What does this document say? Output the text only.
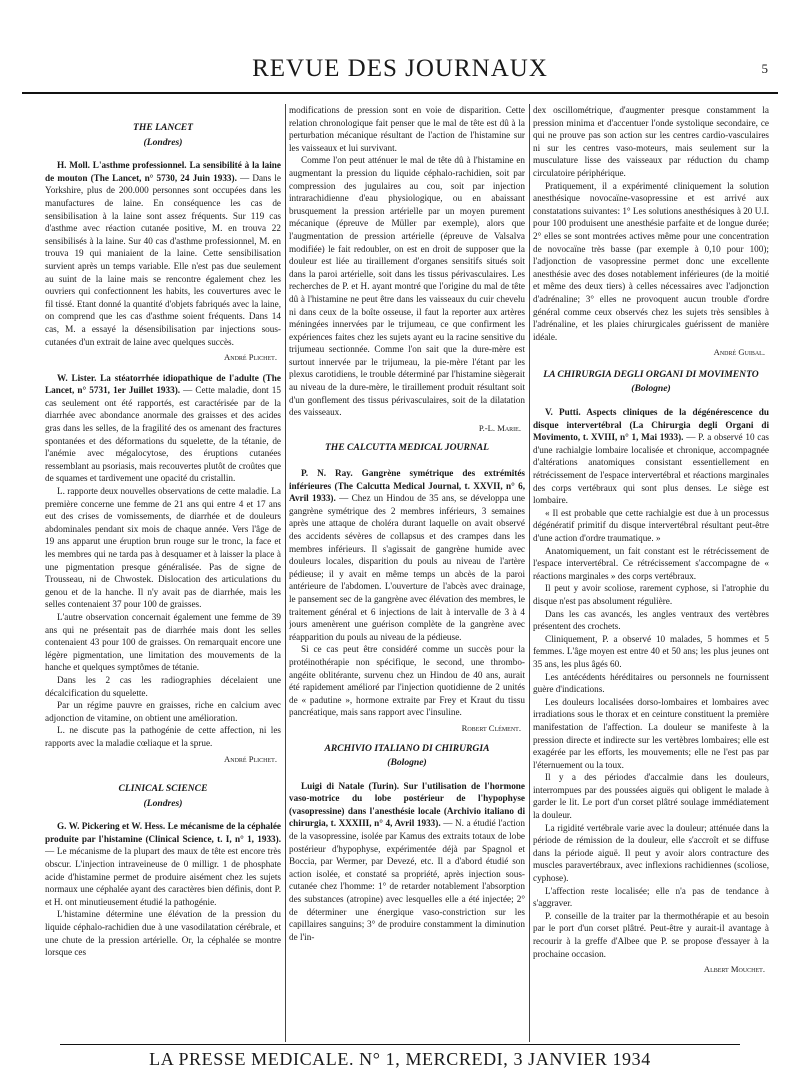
REVUE DES JOURNAUX	5
THE LANCET
(Londres)

H. Moll. L'asthme professionnel. La sensibilité à la laine de mouton (The Lancet, n° 5730, 24 Juin 1933). — Dans le Yorkshire, plus de 200.000 personnes sont occupées dans les manufactures de laine. En conséquence les cas de sensibilisation à la laine sont assez fréquents. Sur 119 cas d'asthme avec réaction cutanée positive, M. en trouva 22 sensibilisés à la laine. Sur 40 cas d'asthme professionnel, M. en trouva 19 qui maniaient de la laine. Cette sensibilisation survient après un temps variable. Elle n'est pas due seulement au suint de la laine mais se rencontre également chez les ouvriers qui confectionnent les habits, les couvertures avec le fil tissé. Etant donné la quantité d'objets fabriqués avec la laine, on comprend que les cas d'asthme soient fréquents. Dans 14 cas, M. a essayé la désensibilisation par injections sous-cutanées d'un extrait de laine avec quelques succès.

André Plichet.

W. Lister. La stéatorrhée idiopathique de l'adulte (The Lancet, n° 5731, 1er Juillet 1933). — Cette maladie, dont 15 cas seulement ont été rapportés, est caractérisée par de la diarrhée avec abondance anormale des graisses et des acides gras dans les selles, de la fragilité des os amenant des fractures spontanées et des déformations du squelette, de la tétanie, de l'anémie avec mégalocytose, des éruptions cutanées ressemblant au psoriasis, mais recouvertes plutôt de croûtes que de squames et tardivement une opacité du cristallin.

L. rapporte deux nouvelles observations de cette maladie. La première concerne une femme de 21 ans qui entre 4 et 17 ans eut des crises de vomissements, de diarrhée et de douleurs abdominales pendant six mois de chaque année. Vers l'âge de 19 ans apparut une éruption brun rouge sur le tronc, la face et les membres qui ne tarda pas à desquamer et à laisser la place à une pigmentation presque généralisée. Pas de signe de Trousseau, ni de Chwostek. Dislocation des articulations du genou et de la hanche. Il n'y avait pas de diarrhée, mais les selles contenaient 37 pour 100 de graisses.

L'autre observation concernait également une femme de 39 ans qui ne présentait pas de diarrhée mais dont les selles contenaient 43 pour 100 de graisses. On remarquait encore une légère pigmentation, une limitation des mouvements de la hanche et quelques symptômes de tétanie.

Dans les 2 cas les radiographies décelaient une décalcification du squelette.

Par un régime pauvre en graisses, riche en calcium avec adjonction de vitamine, on obtient une amélioration.

L. ne discute pas la pathogénie de cette affection, ni les rapports avec la maladie cœliaque et la sprue.

André Plichet.
CLINICAL SCIENCE
(Londres)

G. W. Pickering et W. Hess. Le mécanisme de la céphalée produite par l'histamine (Clinical Science, t. I, n° 1, 1933). — Le mécanisme de la plupart des maux de tête est encore très obscur. L'injection intraveineuse de 0 milligr. 1 de phosphate acide d'histamine permet de produire aisément chez les sujets normaux une céphalée ayant des caractères bien définis, dont P. et H. ont minutieusement étudié la pathogénie.

L'histamine détermine une élévation de la pression du liquide céphalo-rachidien due à une vasodilatation cérébrale, et une chute de la pression artérielle. Or, la céphalée se montre lorsque ces

modifications de pression sont en voie de disparition. Cette relation chronologique fait penser que le mal de tête est dû à la perturbation mécanique résultant de l'action de l'histamine sur les vaisseaux et lui survivant.

Comme l'on peut atténuer le mal de tête dû à l'histamine en augmentant la pression du liquide céphalo-rachidien, soit par compression des jugulaires au cou, soit par injection intrarachidienne d'eau physiologique, ou en abaissant brusquement la pression artérielle par un moyen purement mécanique (épreuve de Müller par exemple), alors que l'augmentation de pression artérielle (épreuve de Valsalva modifiée) le fait redoubler, on est en droit de supposer que la douleur est liée au tiraillement d'organes sensitifs situés soit dans la paroi artérielle, soit dans les tissus périvasculaires. Les recherches de P. et H. ayant montré que l'origine du mal de tête dû à l'histamine ne peut être dans les vaisseaux du cuir chevelu ni dans ceux de la boîte osseuse, il faut la reporter aux artères méningées innervées par le trijumeau, ce que confirment les expériences faites chez les sujets ayant eu la racine sensitive du trijumeau sectionnée. Comme l'on sait que la dure-mère est surtout innervée par le trijumeau, la pie-mère l'étant par les plexus carotidiens, le trouble déterminé par l'histamine siègerait au niveau de la dure-mère, le tiraillement produit résultant soit d'un gonflement des tissus périvasculaires, soit de la dilatation des vaisseaux.

P.-L. Marie.
THE CALCUTTA MEDICAL JOURNAL

P. N. Ray. Gangrène symétrique des extrémités inférieures (The Calcutta Medical Journal, t. XXVII, n° 6, Avril 1933). — Chez un Hindou de 35 ans, se développa une gangrène symétrique des 2 membres inférieurs, 3 semaines après une attaque de choléra durant laquelle on avait observé des accidents sévères de collapsus et des crampes dans les membres inférieurs. Il s'agissait de gangrène humide avec douleurs locales, disparition du pouls au niveau de l'artère pédieuse; il y avait en même temps un abcès de la paroi antérieure de l'abdomen. L'ouverture de l'abcès avec drainage, le pansement sec de la gangrène avec élévation des membres, le traitement général et 6 injections de lait à intervalle de 3 à 4 jours amenèrent une guérison complète de la gangrène avec réapparition du pouls au niveau de la pédieuse.

Si ce cas peut être considéré comme un succès pour la protéinothérapie non spécifique, le second, une thrombo-angéite oblitérante, survenu chez un Hindou de 40 ans, aurait été rapidement amélioré par l'injection quotidienne de 2 unités de « padutine », hormone extraite par Frey et Kraut du tissu pancréatique, mais sans rapport avec l'insuline.

Robert Clément.
ARCHIVIO ITALIANO DI CHIRURGIA
(Bologne)

Luigi di Natale (Turin). Sur l'utilisation de l'hormone vaso-motrice du lobe postérieur de l'hypophyse (vasopressine) dans l'anesthésie locale (Archivio italiano di chirurgia, t. XXXIII, n° 4, Avril 1933). — N. a étudié l'action de la vasopressine, isolée par Kamus des extraits totaux de lobe postérieur d'hypophyse, expérimentée déjà par Spagnol et Boccia, par Wermer, par Devezé, etc. Il a d'abord étudié son action isolée, et constaté sa propriété, après injection sous-cutanée chez l'homme: 1° de retarder notablement l'absorption des substances (atropine) avec lesquelles elle a été injectée; 2° de déterminer une énergique vaso-constriction sur les capillaires sanguins; 3° de produire constamment la diminution de l'in-

dex oscillométrique, d'augmenter presque constamment la pression minima et d'accentuer l'onde systolique secondaire, ce qui ne prouve pas son action sur les centres cardio-vasculaires ni sur les centres vaso-moteurs, mais seulement sur la musculature lisse des vaisseaux par réduction du champ circulatoire périphérique.

Pratiquement, il a expérimenté cliniquement la solution anesthésique novocaïne-vasopressine et est arrivé aux constatations suivantes: 1° Les solutions anesthésiques à 20 U.I. pour 100 produisent une anesthésie parfaite et de longue durée; 2° elles se sont montrées actives même pour une concentration de novocaïne très basse (par exemple à 0,10 pour 100); l'adjonction de vasopressine permet donc une excellente anesthésie avec des doses notablement inférieures (de la moitié et même des deux tiers) à celles nécessaires avec l'adjonction d'adrénaline; 3° elles ne provoquent aucun trouble d'ordre général comme ceux observés chez les sujets très sensibles à l'adrénaline, et les plaies chirurgicales guérissent de manière idéale.

André Guibal.
LA CHIRURGIA DEGLI ORGANI DI MOVIMENTO
(Bologne)

V. Putti. Aspects cliniques de la dégénérescence du disque intervertébral (La Chirurgia degli Organi di Movimento, t. XVIII, n° 1, Mai 1933). — P. a observé 10 cas d'une rachialgie lombaire localisée et chronique, accompagnée d'altérations anatomiques consistant essentiellement en rétrécissement de l'espace intervertébral et réactions marginales des corps vertébraux qui sont plus denses. Le siège est lombaire.

« Il est probable que cette rachialgie est due à un processus dégénératif primitif du disque intervertébral résultant peut-être d'une action d'ordre traumatique. »

Anatomiquement, un fait constant est le rétrécissement de l'espace intervertébral. Ce rétrécissement s'accompagne de « réactions marginales » des corps vertébraux.

Il peut y avoir scoliose, rarement cyphose, si l'atrophie du disque n'est pas absolument régulière.

Dans les cas avancés, les angles ventraux des vertèbres présentent des crochets.

Cliniquement, P. a observé 10 malades, 5 hommes et 5 femmes. L'âge moyen est entre 40 et 50 ans; les plus jeunes ont 35 ans, les plus âgés 60.

Les antécédents héréditaires ou personnels ne fournissent guère d'indications.

Les douleurs localisées dorso-lombaires et lombaires avec irradiations sous le thorax et en ceinture constituent la première manifestation de l'affection. La douleur se manifeste à la pression directe et indirecte sur les vertèbres lombaires; elle est exagérée par les efforts, les mouvements; elle ne l'est pas par l'éternuement ou la toux.

Il y a des périodes d'accalmie dans les douleurs, interrompues par des poussées aiguës qui obligent le malade à garder le lit. Le port d'un corset plâtré soulage immédiatement la douleur.

La rigidité vertébrale varie avec la douleur; atténuée dans la période de rémission de la douleur, elle s'accroît et se diffuse dans la période aiguë. Il peut y avoir alors contracture des muscles paravertébraux, avec inflexions rachidiennes (scoliose, cyphose).

L'affection reste localisée; elle n'a pas de tendance à s'aggraver.

P. conseille de la traiter par la thermothérapie et au besoin par le port d'un corset plâtré. Peut-être y aurait-il avantage à recourir à la greffe d'Albee que P. se propose d'essayer à la prochaine occasion.

Albert Mouchet.
LA PRESSE MEDICALE. N° 1, MERCREDI, 3 JANVIER 1934
